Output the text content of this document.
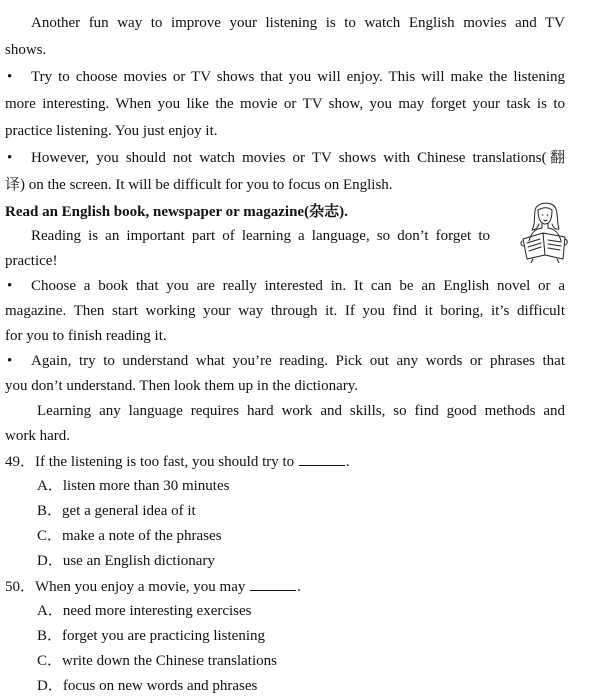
Another fun way to improve your listening is to watch English movies and TV
shows.
• Try to choose movies or TV shows that you will enjoy. This will make the listening
more interesting. When you like the movie or TV show, you may forget your task is to
practice listening. You just enjoy it.
• However, you should not watch movies or TV shows with Chinese translations(翻
译) on the screen. It will be difficult for you to focus on English.
Read an English book, newspaper or magazine(杂志).
Reading is an important part of learning a language, so don’t forget to
practice!
• Choose a book that you are really interested in. It can be an English novel or a
magazine. Then start working your way through it. If you find it boring, it’s difficult
for you to finish reading it.
• Again, try to understand what you’re reading. Pick out any words or phrases that
you don’t understand. Then look them up in the dictionary.
Learning any language requires hard work and skills, so find good methods and
work hard.
49．If the listening is too fast, you should try to	.
A．listen more than 30 minutes
B．get a general idea of it
C．make a note of the phrases
D．use an English dictionary
50．When you enjoy a movie, you may	.
A．need more interesting exercises
B．forget you are practicing listening
C．write down the Chinese translations
D．focus on new words and phrases
